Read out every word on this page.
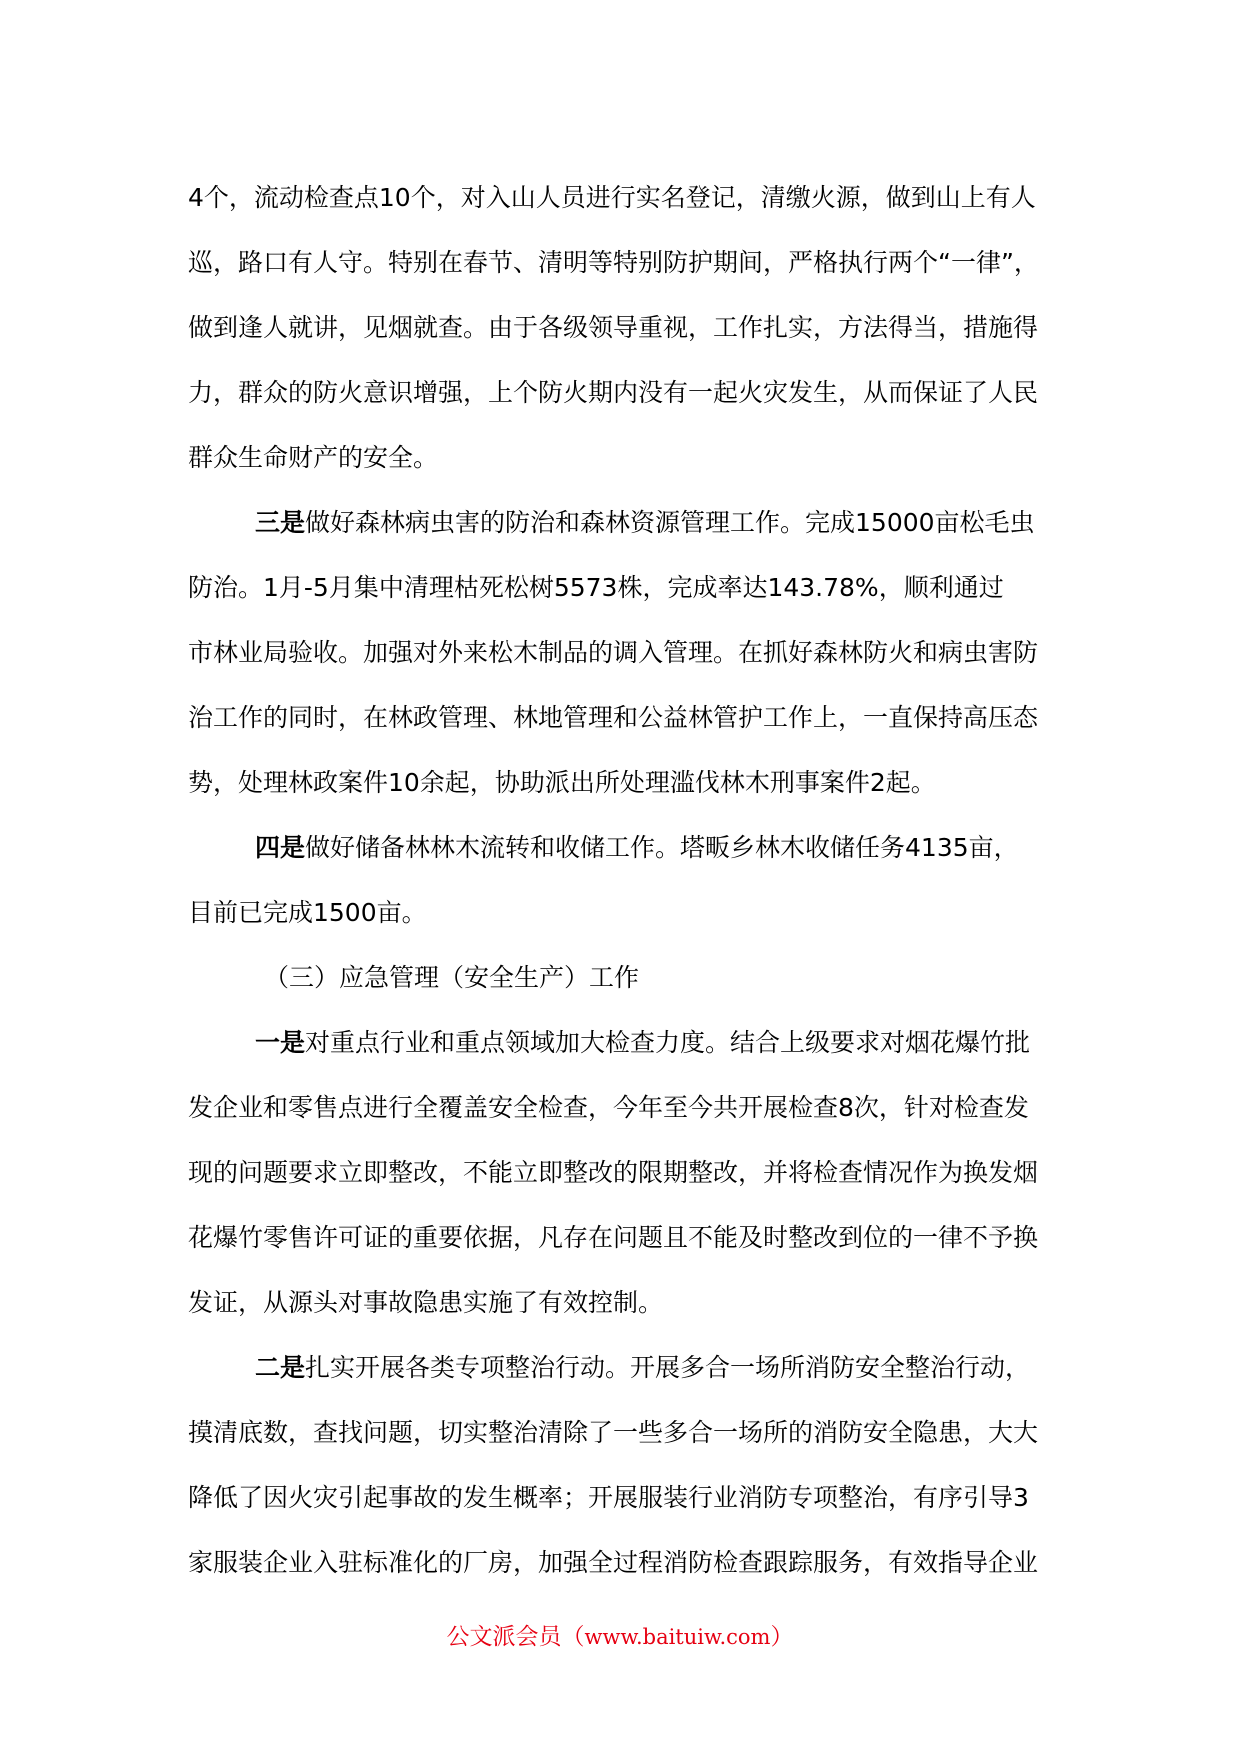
4个，流动检查点10个，对入山人员进行实名登记，清缴火源，做到山上有人
巡，路口有人守。特别在春节、清明等特别防护期间，严格执行两个“一律”，
做到逢人就讲，见烟就查。由于各级领导重视，工作扎实，方法得当，措施得
力，群众的防火意识增强，上个防火期内没有一起火灾发生，从而保证了人民
群众生命财产的安全。
三是做好森林病虫害的防治和森林资源管理工作。完成15000亩松毛虫
防治。1月-5月集中清理枯死松树5573株，完成率达143.78%，顺利通过
市林业局验收。加强对外来松木制品的调入管理。在抓好森林防火和病虫害防
治工作的同时，在林政管理、林地管理和公益林管护工作上，一直保持高压态
势，处理林政案件10余起，协助派出所处理滥伐林木刑事案件2起。
四是做好储备林林木流转和收储工作。塔畈乡林木收储任务4135亩，
目前已完成1500亩。
（三）应急管理（安全生产）工作
一是对重点行业和重点领域加大检查力度。结合上级要求对烟花爆竹批
发企业和零售点进行全覆盖安全检查，今年至今共开展检查8次，针对检查发
现的问题要求立即整改，不能立即整改的限期整改，并将检查情况作为换发烟
花爆竹零售许可证的重要依据，凡存在问题且不能及时整改到位的一律不予换
发证，从源头对事故隐患实施了有效控制。
二是扎实开展各类专项整治行动。开展多合一场所消防安全整治行动，
摸清底数，查找问题，切实整治清除了一些多合一场所的消防安全隐患，大大
降低了因火灾引起事故的发生概率；开展服装行业消防专项整治，有序引导3
家服装企业入驻标准化的厂房，加强全过程消防检查跟踪服务，有效指导企业
公文派会员（www.baituiw.com）
